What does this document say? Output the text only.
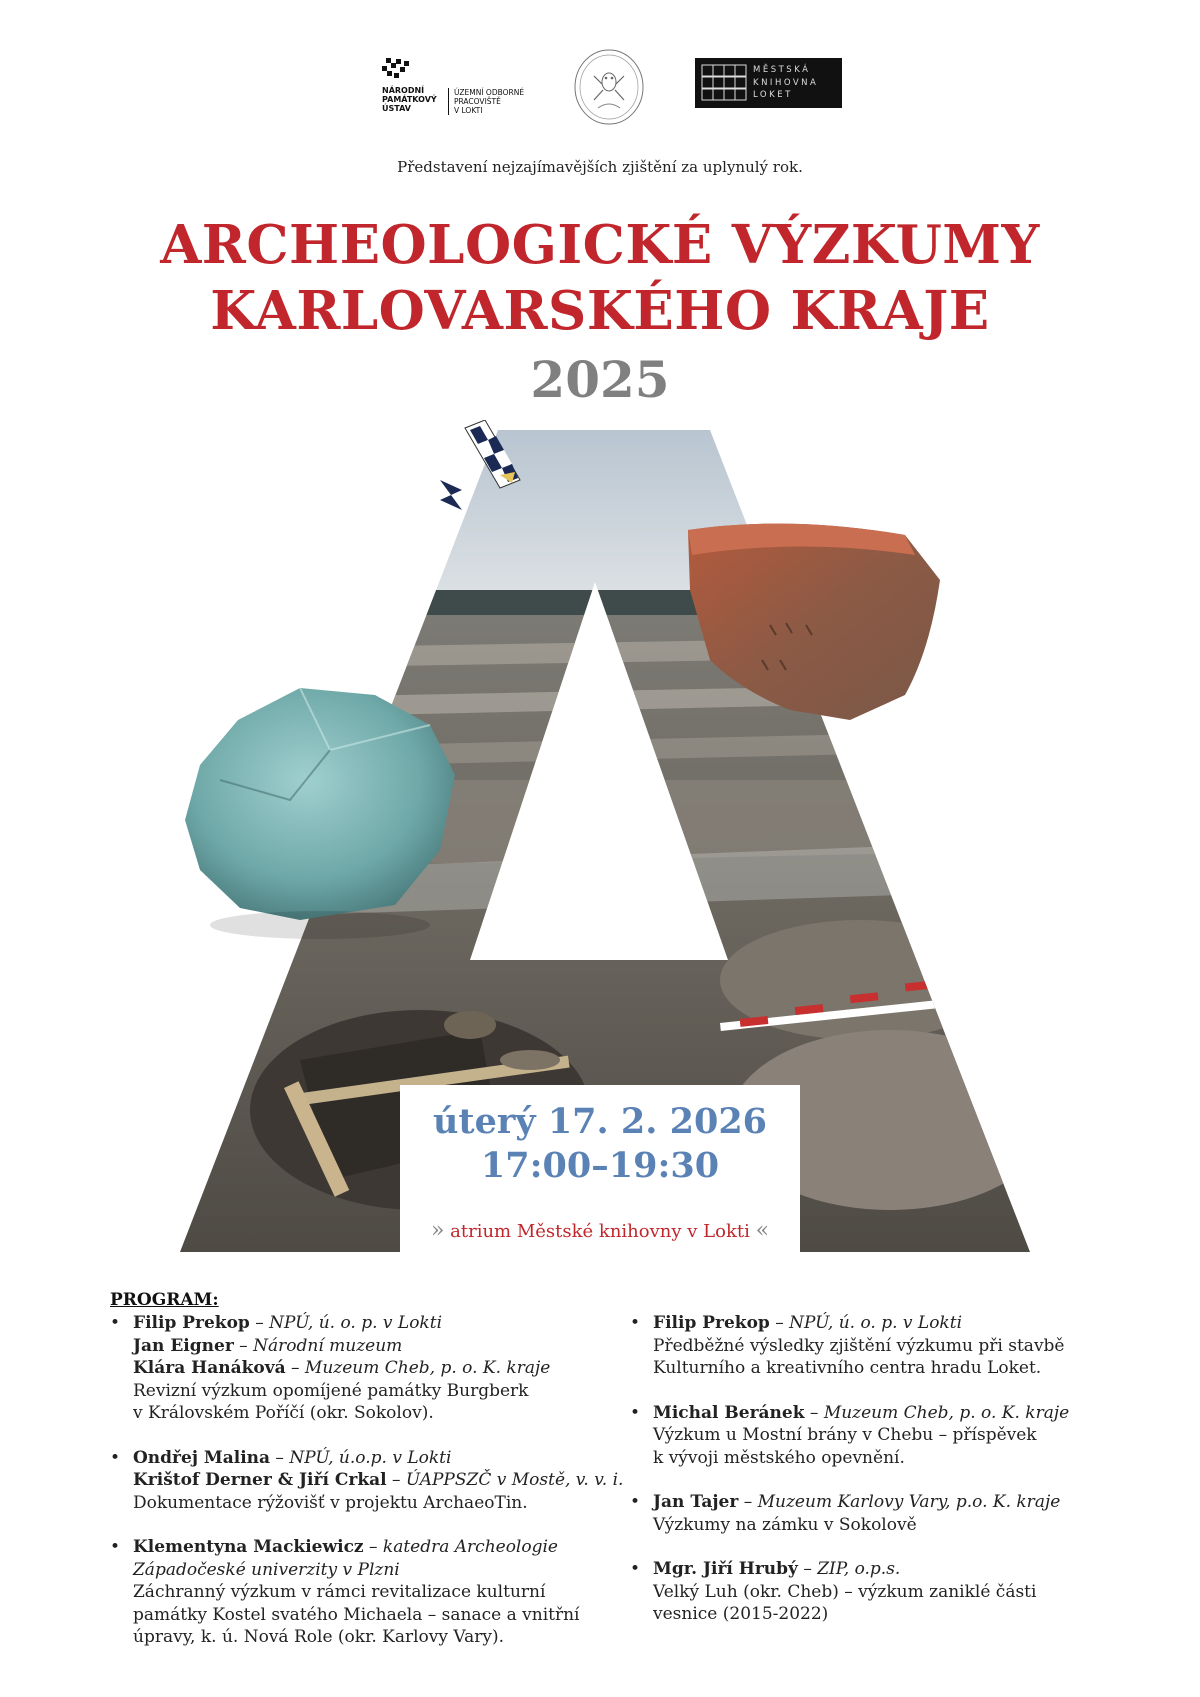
NÁRODNÍ
PAMÁTKOVÝ
ÚSTAV
ÚZEMNÍ ODBORNÉ
PRACOVIŠTĚ
V LOKTI
MĚSTSKÁ
KNIHOVNA
LOKET
Představení nejzajímavějších zjištění za uplynulý rok.
ARCHEOLOGICKÉ VÝZKUMY
KARLOVARSKÉHO KRAJE
2025
úterý 17. 2. 2026
17:00–19:30
» atrium Městské knihovny v Lokti «
PROGRAM:
• Filip Prekop – NPÚ, ú. o. p. v Lokti
Jan Eigner – Národní muzeum
Klára Hanáková – Muzeum Cheb, p. o. K. kraje
Revizní výzkum opomíjené památky Burgberk
v Královském Poříčí (okr. Sokolov).
• Ondřej Malina – NPÚ, ú.o.p. v Lokti
Krištof Derner & Jiří Crkal – ÚAPPSZČ v Mostě, v. v. i.
Dokumentace rýžovišť v projektu ArchaeoTin.
• Klementyna Mackiewicz – katedra Archeologie
Západočeské univerzity v Plzni
Záchranný výzkum v rámci revitalizace kulturní
památky Kostel svatého Michaela – sanace a vnitřní
úpravy, k. ú. Nová Role (okr. Karlovy Vary).
• Filip Prekop – NPÚ, ú. o. p. v Lokti
Předběžné výsledky zjištění výzkumu při stavbě
Kulturního a kreativního centra hradu Loket.
• Michal Beránek – Muzeum Cheb, p. o. K. kraje
Výzkum u Mostní brány v Chebu – příspěvek
k vývoji městského opevnění.
• Jan Tajer – Muzeum Karlovy Vary, p.o. K. kraje
Výzkumy na zámku v Sokolově
• Mgr. Jiří Hrubý – ZIP, o.p.s.
Velký Luh (okr. Cheb) – výzkum zaniklé části
vesnice (2015-2022)
